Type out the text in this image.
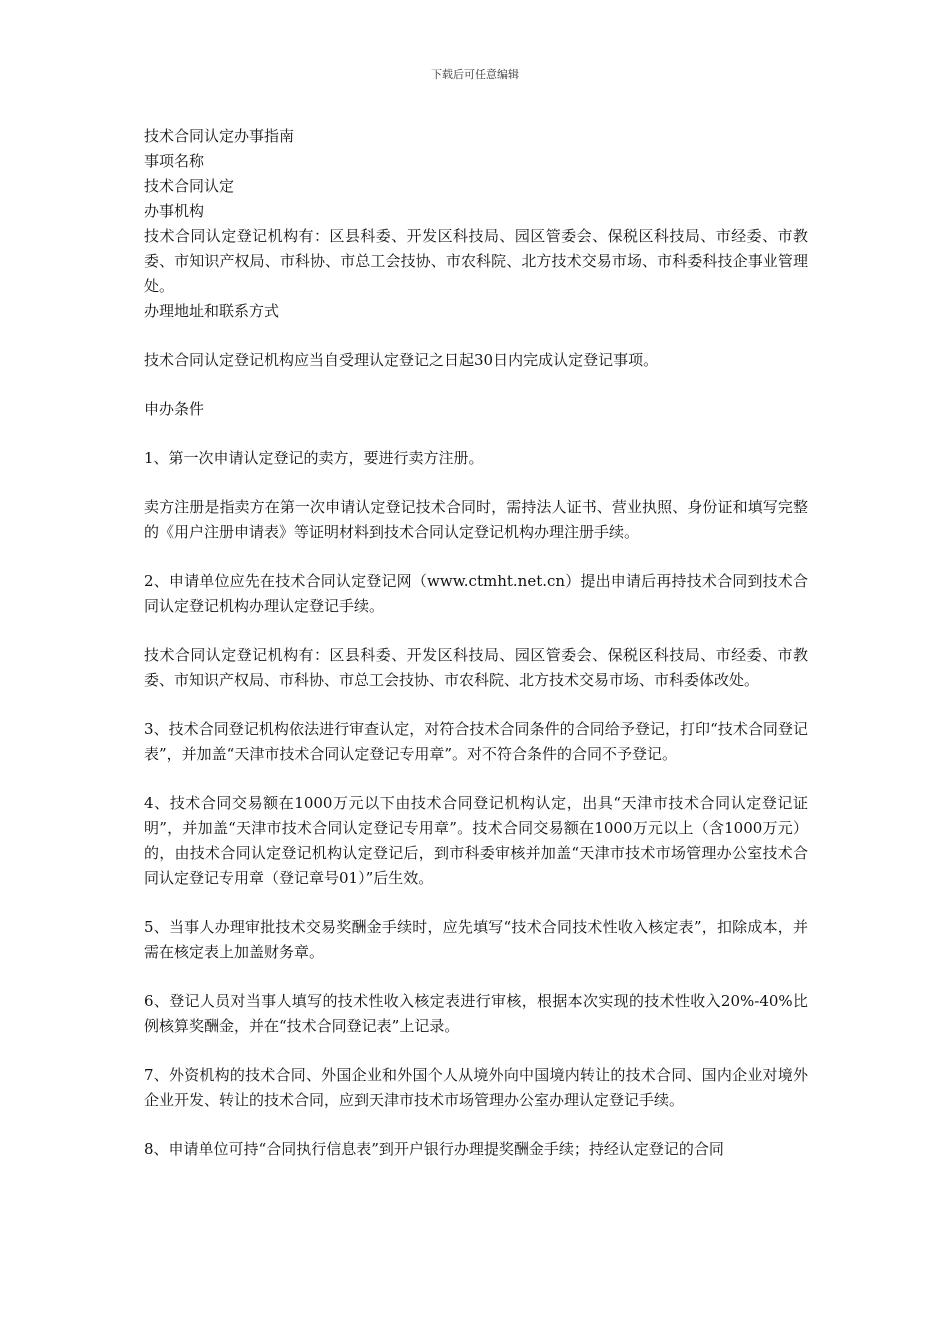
下载后可任意编辑

技术合同认定办事指南

事项名称

技术合同认定

办事机构

技术合同认定登记机构有：区县科委、开发区科技局、园区管委会、保税区科技局、市经委、市教委、市知识产权局、市科协、市总工会技协、市农科院、北方技术交易市场、市科委科技企事业管理处。

办理地址和联系方式

技术合同认定登记机构应当自受理认定登记之日起30日内完成认定登记事项。

申办条件

1、第一次申请认定登记的卖方，要进行卖方注册。

卖方注册是指卖方在第一次申请认定登记技术合同时，需持法人证书、营业执照、身份证和填写完整的《用户注册申请表》等证明材料到技术合同认定登记机构办理注册手续。

2、申请单位应先在技术合同认定登记网（www.ctmht.net.cn）提出申请后再持技术合同到技术合同认定登记机构办理认定登记手续。

技术合同认定登记机构有：区县科委、开发区科技局、园区管委会、保税区科技局、市经委、市教委、市知识产权局、市科协、市总工会技协、市农科院、北方技术交易市场、市科委体改处。

3、技术合同登记机构依法进行审查认定，对符合技术合同条件的合同给予登记，打印“技术合同登记表”，并加盖“天津市技术合同认定登记专用章”。对不符合条件的合同不予登记。

4、技术合同交易额在1000万元以下由技术合同登记机构认定，出具“天津市技术合同认定登记证明”，并加盖“天津市技术合同认定登记专用章”。技术合同交易额在1000万元以上（含1000万元）的，由技术合同认定登记机构认定登记后，到市科委审核并加盖“天津市技术市场管理办公室技术合同认定登记专用章（登记章号01）”后生效。

5、当事人办理审批技术交易奖酬金手续时，应先填写“技术合同技术性收入核定表”，扣除成本，并需在核定表上加盖财务章。

6、登记人员对当事人填写的技术性收入核定表进行审核，根据本次实现的技术性收入20%-40%比例核算奖酬金，并在“技术合同登记表”上记录。

7、外资机构的技术合同、外国企业和外国个人从境外向中国境内转让的技术合同、国内企业对境外企业开发、转让的技术合同，应到天津市技术市场管理办公室办理认定登记手续。

8、申请单位可持“合同执行信息表”到开户银行办理提奖酬金手续；持经认定登记的合同
